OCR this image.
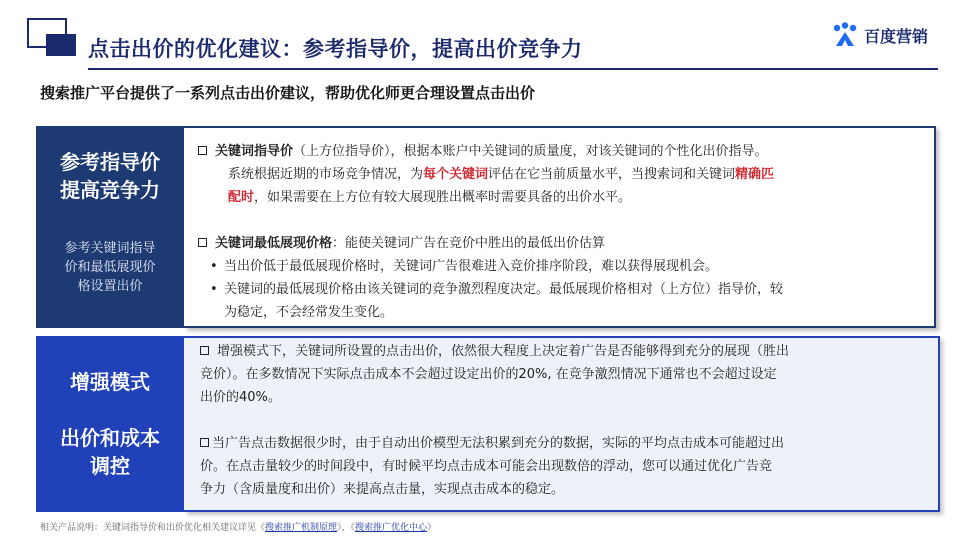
点击出价的优化建议：参考指导价，提高出价竞争力
百度营销
搜索推广平台提供了一系列点击出价建议，帮助优化师更合理设置点击出价
参考指导价
提高竞争力
参考关键词指导
价和最低展现价
格设置出价
关键词指导价（上方位指导价），根据本账户中关键词的质量度，对该关键词的个性化出价指导。
系统根据近期的市场竞争情况，为每个关键词评估在它当前质量水平，当搜索词和关键词精确匹
配时，如果需要在上方位有较大展现胜出概率时需要具备的出价水平。
关键词最低展现价格：能使关键词广告在竞价中胜出的最低出价估算
• 当出价低于最低展现价格时，关键词广告很难进入竞价排序阶段，难以获得展现机会。
• 关键词的最低展现价格由该关键词的竞争激烈程度决定。最低展现价格相对（上方位）指导价，较
为稳定，不会经常发生变化。
增强模式
出价和成本
调控
增强模式下，关键词所设置的点击出价，依然很大程度上决定着广告是否能够得到充分的展现（胜出
竞价）。在多数情况下实际点击成本不会超过设定出价的20%, 在竞争激烈情况下通常也不会超过设定
出价的40%。
当广告点击数据很少时，由于自动出价模型无法积累到充分的数据，实际的平均点击成本可能超过出
价。在点击量较少的时间段中，有时候平均点击成本可能会出现数倍的浮动，您可以通过优化广告竞
争力（含质量度和出价）来提高点击量，实现点击成本的稳定。
相关产品说明：关键词指导价和出价优化相关建议详见《搜索推广机制原理》，《搜索推广优化中心》
